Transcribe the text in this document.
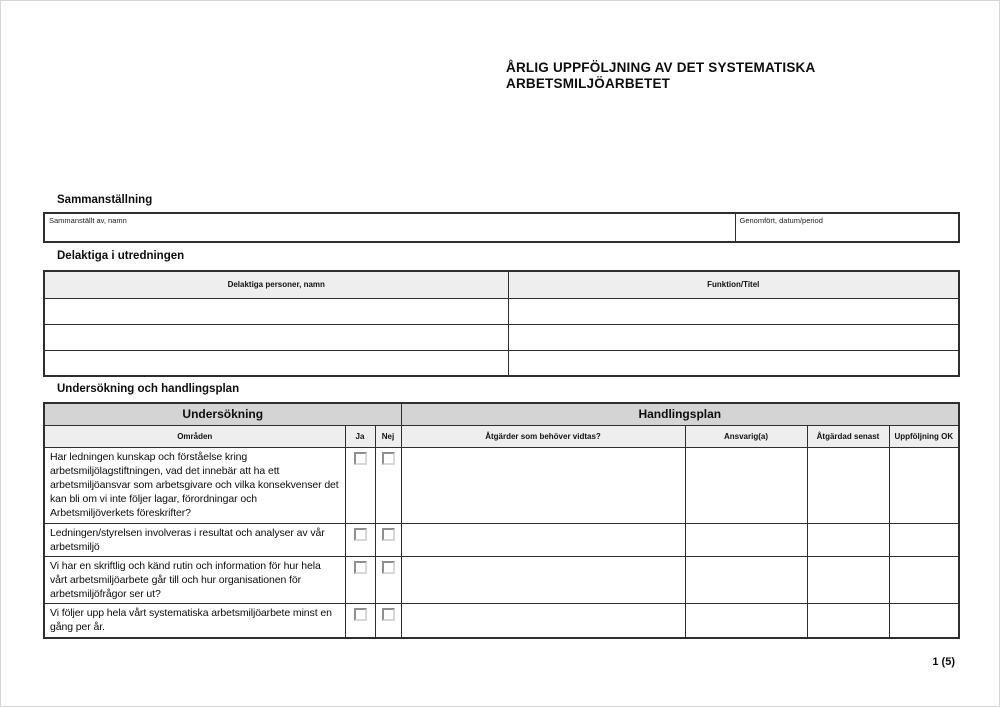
ÅRLIG UPPFÖLJNING AV DET SYSTEMATISKA
ARBETSMILJÖARBETET
Sammanställning
Sammanställt av, namn	Genomfört, datum/period
Delaktiga i utredningen
Delaktiga personer, namn	Funktion/Titel

Undersökning och handlingsplan
Undersökning			Handlingsplan			
Områden	Ja	Nej	Åtgärder som behöver vidtas?	Ansvarig(a)	Åtgärdad senast	Uppföljning OK
Har ledningen kunskap och förståelse kring arbetsmiljölagstiftningen, vad det innebär att ha ett arbetsmiljöansvar som arbetsgivare och vilka konsekvenser det kan bli om vi inte följer lagar, förordningar och Arbetsmiljöverkets föreskrifter?	

Ledningen/styrelsen involveras i resultat och analyser av vår arbetsmiljö	

Vi har en skriftlig och känd rutin och information för hur hela vårt arbetsmiljöarbete går till och hur organisationen för arbetsmiljöfrågor ser ut?	

Vi följer upp hela vårt systematiska arbetsmiljöarbete minst en gång per år.	

1 (5)
